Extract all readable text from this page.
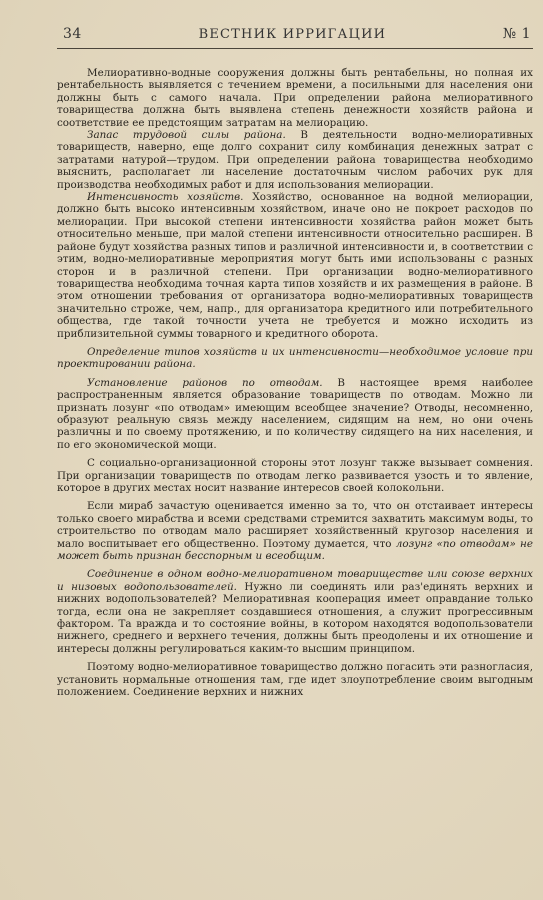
34	ВЕСТНИК ИРРИГАЦИИ	№ 1

Мелиоративно-водные сооружения должны быть рентабельны, но полная их рентабельность выявляется с течением времени, а посильными для населения они должны быть с самого начала. При определении района мелиоративного товарищества должна быть выявлена степень денежности хозяйств района и соответствие ее предстоящим затратам на мелиорацию.

Запас трудовой силы района. В деятельности водно-мелиоративных товариществ, наверно, еще долго сохранит силу комбинация денежных затрат с затратами натурой—трудом. При определении района товарищества необходимо выяснить, располагает ли население достаточным числом рабочих рук для производства необходимых работ и для использования мелиорации.

Интенсивность хозяйств. Хозяйство, основанное на водной мелиорации, должно быть высоко интенсивным хозяйством, иначе оно не покроет расходов по мелиорации. При высокой степени интенсивности хозяйства район может быть относительно меньше, при малой степени интенсивности относительно расширен. В районе будут хозяйства разных типов и различной интенсивности и, в соответствии с этим, водно-мелиоративные мероприятия могут быть ими использованы с разных сторон и в различной степени. При организации водно-мелиоративного товарищества необходима точная карта типов хозяйств и их размещения в районе. В этом отношении требования от организатора водно-мелиоративных товариществ значительно строже, чем, напр., для организатора кредитного или потребительного общества, где такой точности учета не требуется и можно исходить из приблизительной суммы товарного и кредитного оборота.

Определение типов хозяйств и их интенсивности—необходимое условие при проектировании района.

Установление районов по отводам. В настоящее время наиболее распространенным является образование товариществ по отводам. Можно ли признать лозунг «по отводам» имеющим всеобщее значение? Отводы, несомненно, образуют реальную связь между населением, сидящим на нем, но они очень различны и по своему протяжению, и по количеству сидящего на них населения, и по его экономической мощи.

С социально-организационной стороны этот лозунг также вызывает сомнения. При организации товариществ по отводам легко развивается узость и то явление, которое в других местах носит название интересов своей колокольни.

Если мираб зачастую оценивается именно за то, что он отстаивает интересы только своего мирабства и всеми средствами стремится захватить максимум воды, то строительство по отводам мало расширяет хозяйственный кругозор населения и мало воспитывает его общественно. Поэтому думается, что лозунг «по отводам» не может быть признан бесспорным и всеобщим.

Соединение в одном водно-мелиоративном товариществе или союзе верхних и низовых водопользователей. Нужно ли соединять или раз'единять верхних и нижних водопользователей? Мелиоративная кооперация имеет оправдание только тогда, если она не закрепляет создавшиеся отношения, а служит прогрессивным фактором. Та вражда и то состояние войны, в котором находятся водопользователи нижнего, среднего и верхнего течения, должны быть преодолены и их отношение и интересы должны регулироваться каким-то высшим принципом.

Поэтому водно-мелиоративное товарищество должно погасить эти разногласия, установить нормальные отношения там, где идет злоупотребление своим выгодным положением. Соединение верхних и нижних
